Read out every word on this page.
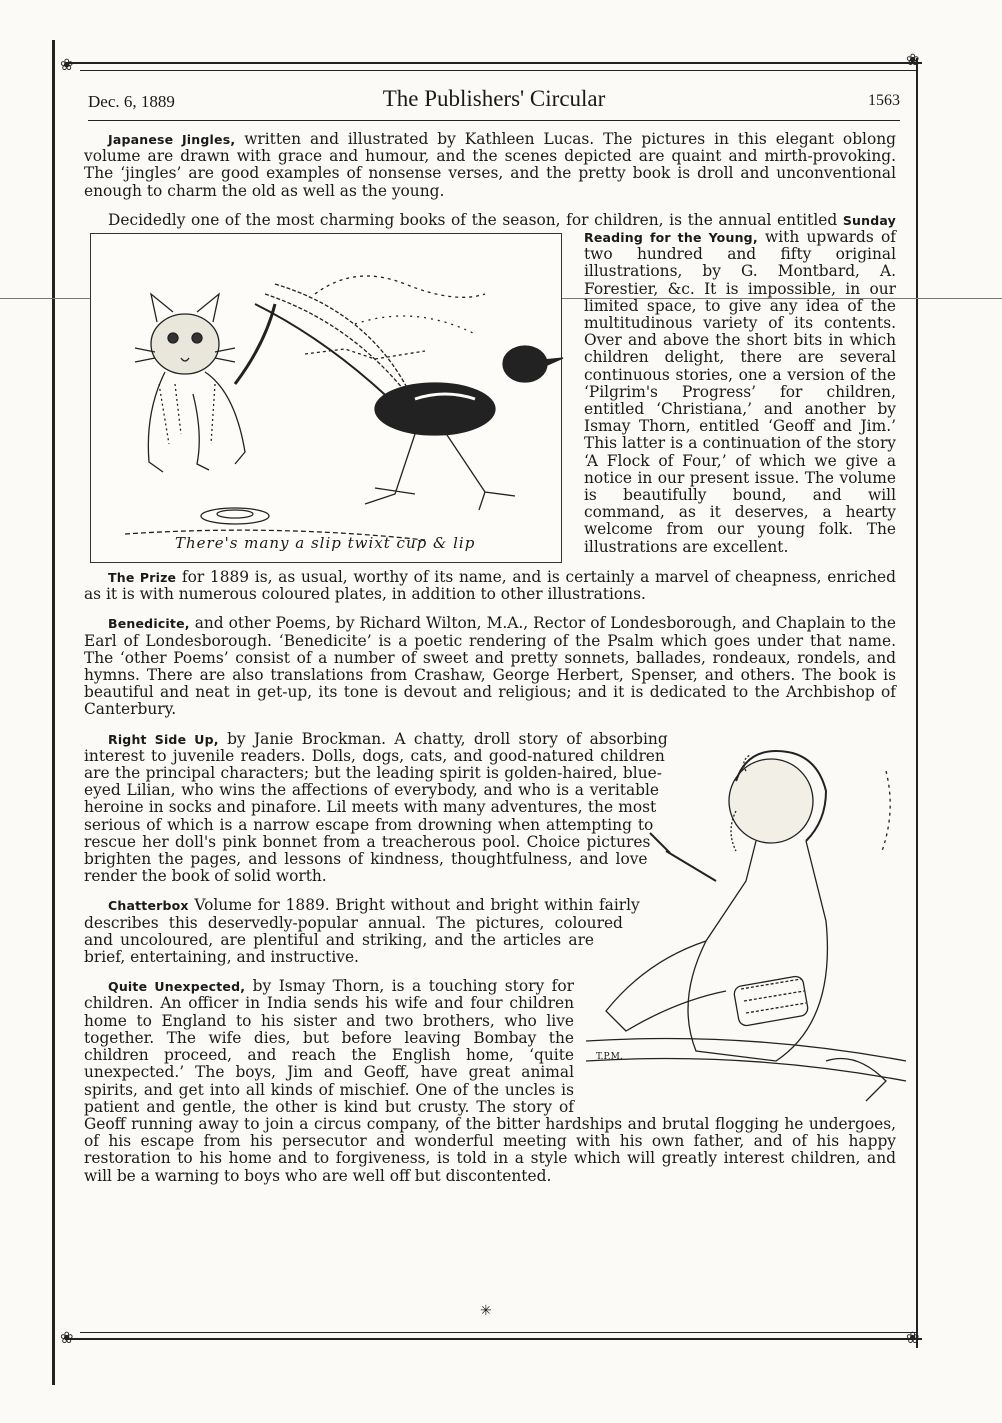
❀	❀
❀	❀
Dec. 6, 1889	The Publishers' Circular	1563

Japanese Jingles, written and illustrated by Kathleen Lucas. The pictures in this elegant oblong volume are drawn with grace and humour, and the scenes depicted are quaint and mirth-provoking. The ‘jingles’ are good examples of nonsense verses, and the pretty book is droll and unconventional enough to charm the old as well as the young.

Decidedly one of the most charming books of the season, for children, is the annual entitled
There's many a slip twixt cup & lip
Sunday Reading for the Young, with upwards of two hundred and fifty original illustrations, by G. Montbard, A. Forestier, &c. It is impossible, in our limited space, to give any idea of the multitudinous variety of its contents. Over and above the short bits in which children delight, there are several continuous stories, one a version of the ‘Pilgrim's Progress’ for children, entitled ‘Christiana,’ and another by Ismay Thorn, entitled ‘Geoff and Jim.’ This latter is a continuation of the story ‘A Flock of Four,’ of which we give a notice in our present issue. The volume is beautifully bound, and will command, as it deserves, a hearty welcome from our young folk. The illustrations are excellent.

The Prize for 1889 is, as usual, worthy of its name, and is certainly a marvel of cheapness, enriched as it is with numerous coloured plates, in addition to other illustrations.

Benedicite, and other Poems, by Richard Wilton, M.A., Rector of Londesborough, and Chaplain to the Earl of Londesborough. ‘Benedicite’ is a poetic rendering of the Psalm which goes under that name. The ‘other Poems’ consist of a number of sweet and pretty sonnets, ballades, rondeaux, rondels, and hymns. There are also translations from Crashaw, George Herbert, Spenser, and others. The book is beautiful and neat in get-up, its tone is devout and religious; and it is dedicated to the Archbishop of Canterbury.

T.P.M.

Right Side Up, by Janie Brockman. A chatty, droll story of absorbing interest to juvenile readers. Dolls, dogs, cats, and good-natured children are the principal characters; but the leading spirit is golden-haired, blue-eyed Lilian, who wins the affections of everybody, and who is a veritable heroine in socks and pinafore. Lil meets with many adventures, the most serious of which is a narrow escape from drowning when attempting to rescue her doll's pink bonnet from a treacherous pool. Choice pictures brighten the pages, and lessons of kindness, thoughtfulness, and love render the book of solid worth.

Chatterbox Volume for 1889. Bright without and bright within fairly describes this deservedly-popular annual. The pictures, coloured and uncoloured, are plentiful and striking, and the articles are brief, entertaining, and instructive.

Quite Unexpected, by Ismay Thorn, is a touching story for children. An officer in India sends his wife and four children home to England to his sister and two brothers, who live together. The wife dies, but before leaving Bombay the children proceed, and reach the English home, ‘quite unexpected.’ The boys, Jim and Geoff, have great animal spirits, and get into all kinds of mischief. One of the uncles is patient and gentle, the other is kind but crusty. The story of Geoff running away to join a circus company, of the bitter hardships and brutal flogging he undergoes, of his escape from his persecutor and wonderful meeting with his own father, and of his happy restoration to his home and to forgiveness, is told in a style which will greatly interest children, and will be a warning to boys who are well off but discontented.

✳
